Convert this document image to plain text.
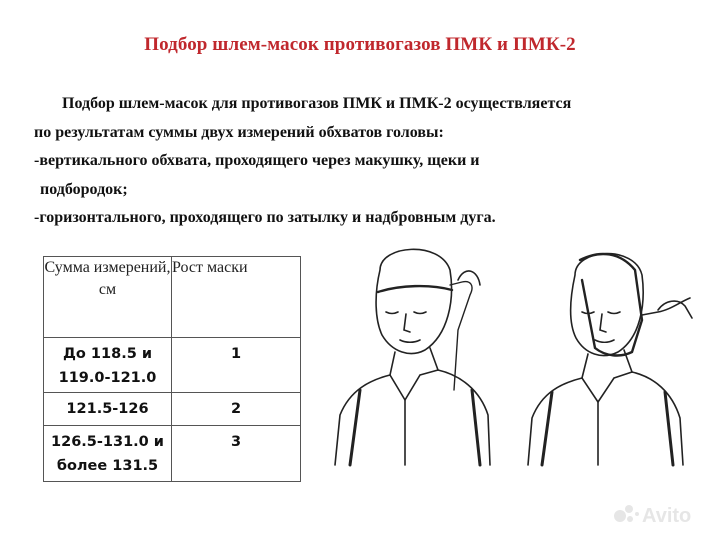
Подбор шлем-масок противогазов ПМК и ПМК-2
Подбор шлем-масок для противогазов ПМК и ПМК-2 осуществляется
по результатам суммы двух измерений обхватов головы:
-вертикального обхвата, проходящего через макушку, щеки и
подбородок;
-горизонтального, проходящего по затылку и надбровным дуга.
Сумма измерений, см	Рост маски
До 118.5 и 119.0-121.0	1
121.5-126	2
126.5-131.0 и более 131.5	3
Avito
